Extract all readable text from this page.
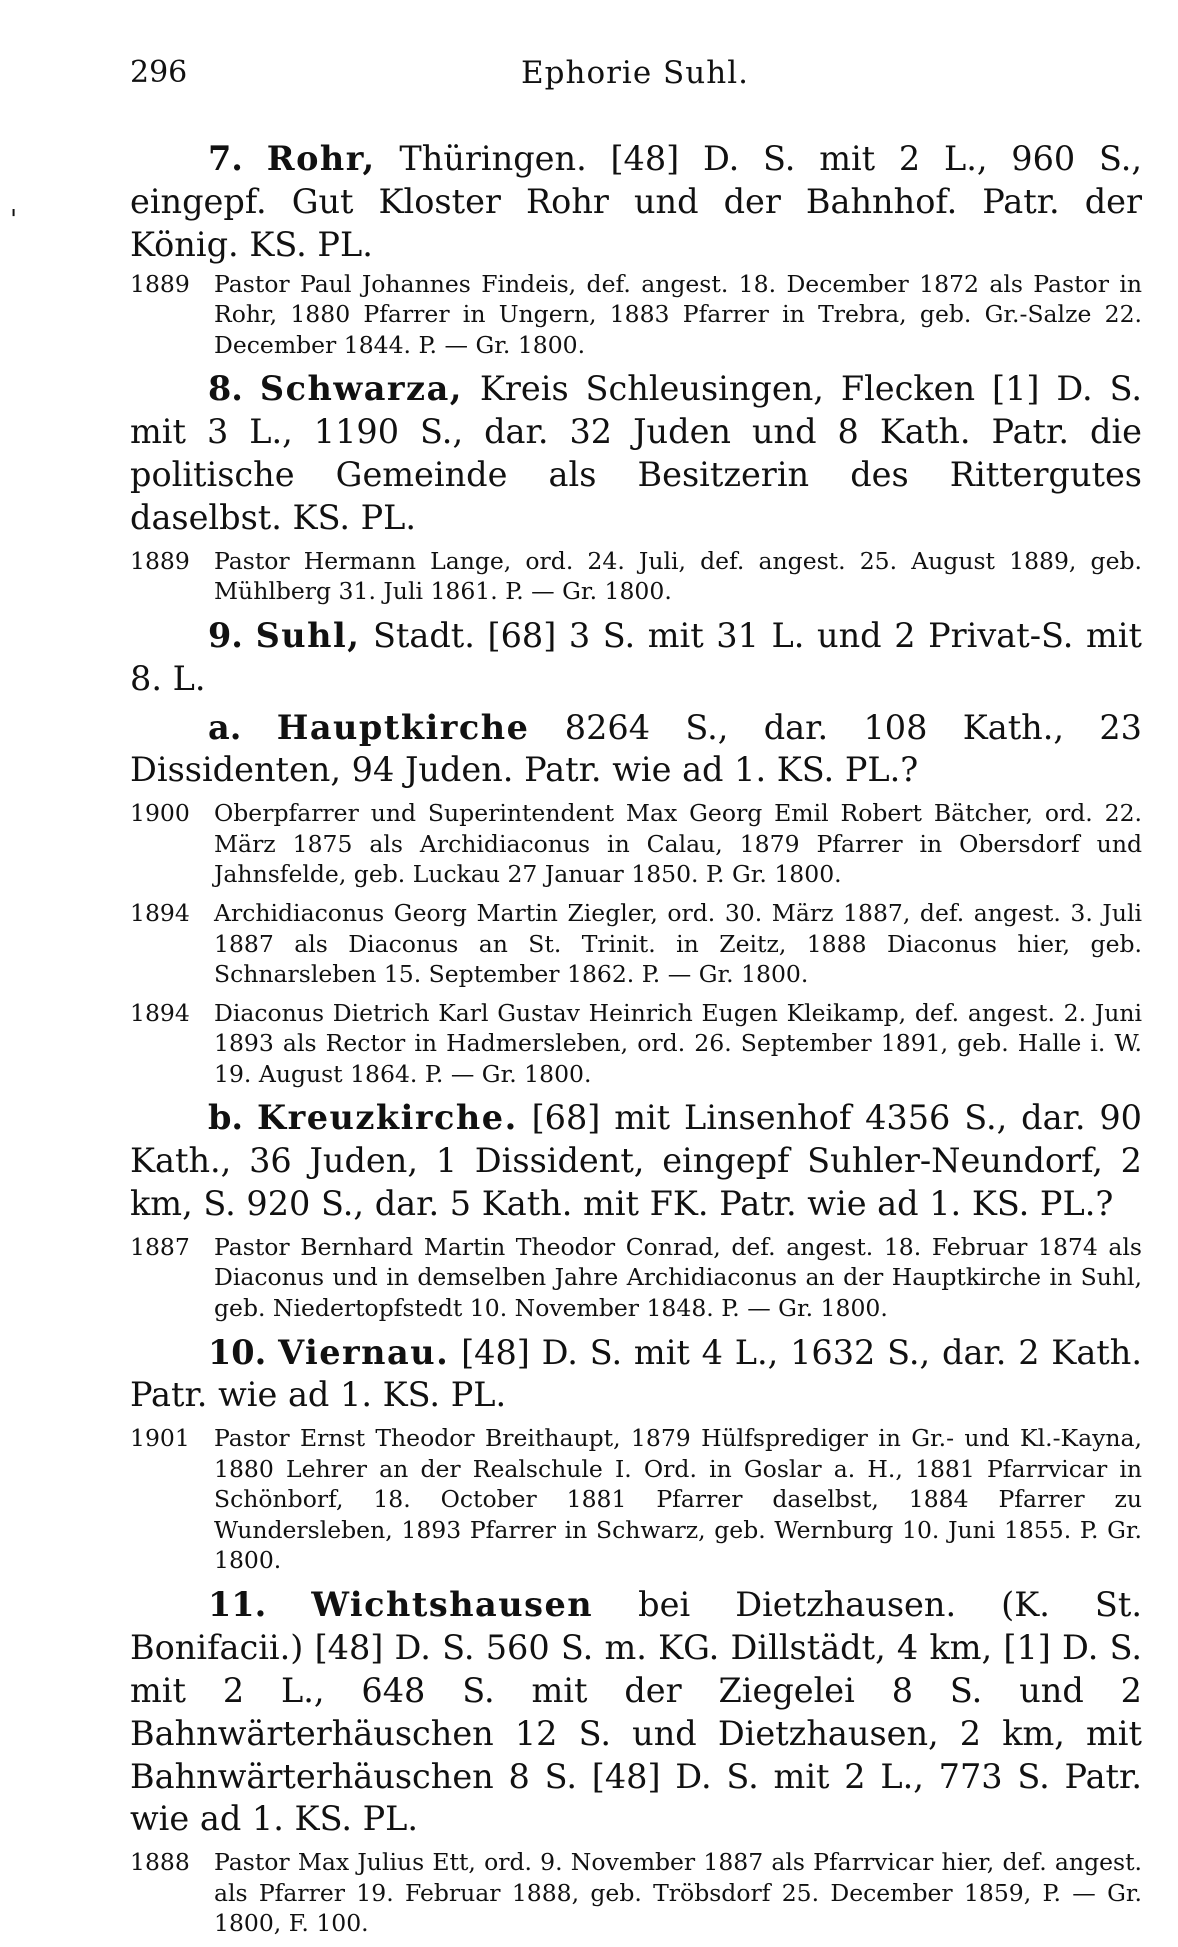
296	Ephorie Suhl.
'

7. Rohr, Thüringen. [48] D. S. mit 2 L., 960 S., eingepf. Gut Kloster Rohr und der Bahnhof. Patr. der König. KS. PL.

1889	Pastor Paul Johannes Findeis, def. angest. 18. December 1872 als Pastor in Rohr, 1880 Pfarrer in Ungern, 1883 Pfarrer in Trebra, geb. Gr.-Salze 22. December 1844. P. — Gr. 1800.

8. Schwarza, Kreis Schleusingen, Flecken [1] D. S. mit 3 L., 1190 S., dar. 32 Juden und 8 Kath. Patr. die politische Gemeinde als Besitzerin des Rittergutes daselbst. KS. PL.

1889	Pastor Hermann Lange, ord. 24. Juli, def. angest. 25. August 1889, geb. Mühlberg 31. Juli 1861. P. — Gr. 1800.

9. Suhl, Stadt. [68] 3 S. mit 31 L. und 2 Privat-S. mit 8. L.

a. Hauptkirche 8264 S., dar. 108 Kath., 23 Dissidenten, 94 Juden. Patr. wie ad 1. KS. PL.?

1900	Oberpfarrer und Superintendent Max Georg Emil Robert Bätcher, ord. 22. März 1875 als Archidiaconus in Calau, 1879 Pfarrer in Obersdorf und Jahnsfelde, geb. Luckau 27 Januar 1850. P. Gr. 1800.
1894	Archidiaconus Georg Martin Ziegler, ord. 30. März 1887, def. angest. 3. Juli 1887 als Diaconus an St. Trinit. in Zeitz, 1888 Diaconus hier, geb. Schnarsleben 15. September 1862. P. — Gr. 1800.
1894	Diaconus Dietrich Karl Gustav Heinrich Eugen Kleikamp, def. angest. 2. Juni 1893 als Rector in Hadmersleben, ord. 26. September 1891, geb. Halle i. W. 19. August 1864. P. — Gr. 1800.

b. Kreuzkirche. [68] mit Linsenhof 4356 S., dar. 90 Kath., 36 Juden, 1 Dissident, eingepf Suhler-Neundorf, 2 km, S. 920 S., dar. 5 Kath. mit FK. Patr. wie ad 1. KS. PL.?

1887	Pastor Bernhard Martin Theodor Conrad, def. angest. 18. Februar 1874 als Diaconus und in demselben Jahre Archidiaconus an der Hauptkirche in Suhl, geb. Niedertopfstedt 10. November 1848. P. — Gr. 1800.

10. Viernau. [48] D. S. mit 4 L., 1632 S., dar. 2 Kath. Patr. wie ad 1. KS. PL.

1901	Pastor Ernst Theodor Breithaupt, 1879 Hülfsprediger in Gr.- und Kl.-Kayna, 1880 Lehrer an der Realschule I. Ord. in Goslar a. H., 1881 Pfarrvicar in Schönborf, 18. October 1881 Pfarrer daselbst, 1884 Pfarrer zu Wundersleben, 1893 Pfarrer in Schwarz, geb. Wernburg 10. Juni 1855. P. Gr. 1800.

11. Wichtshausen bei Dietzhausen. (K. St. Bonifacii.) [48] D. S. 560 S. m. KG. Dillstädt, 4 km, [1] D. S. mit 2 L., 648 S. mit der Ziegelei 8 S. und 2 Bahnwärterhäuschen 12 S. und Dietzhausen, 2 km, mit Bahnwärterhäuschen 8 S. [48] D. S. mit 2 L., 773 S. Patr. wie ad 1. KS. PL.

1888	Pastor Max Julius Ett, ord. 9. November 1887 als Pfarrvicar hier, def. angest. als Pfarrer 19. Februar 1888, geb. Tröbsdorf 25. December 1859, P. — Gr. 1800, F. 100.
